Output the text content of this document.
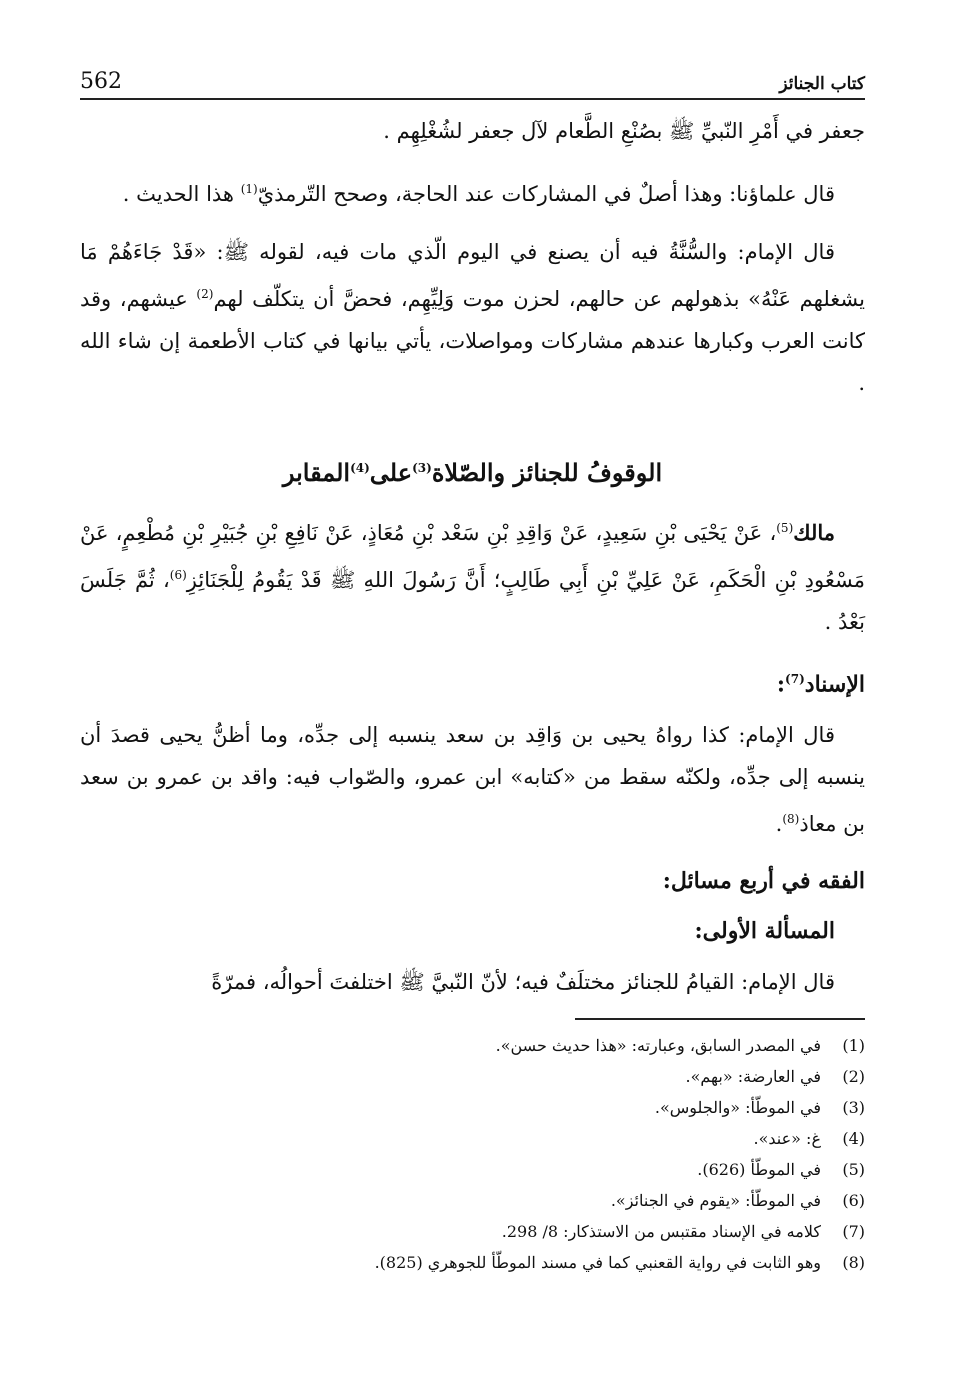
562	كتاب الجنائز

جعفر في أَمْرِ النّبيِّ ﷺ بصُنْعِ الطَّعام لآل جعفر لشُغْلِهِم .

قال علماؤنا: وهذا أصلٌ في المشاركات عند الحاجة، وصحح التّرمذيّ$^{(1)}$ هذا الحديث .

قال الإمام: والسُّنَّةُ فيه أن يصنع في اليوم الّذي مات فيه، لقوله ﷺ: «قَدْ جَاءَهُمْ مَا يشغلهم عَنْهُ» بذهولهم عن حالهم، لحزن موت وَلِيِّهِم، فحضَّ أن يتكلّف لهم$^{(2)}$ عيشهم، وقد كانت العرب وكبارها عندهم مشاركات ومواصلات، يأتي بيانها في كتاب الأطعمة إن شاء الله .

الوقوفُ للجنائز والصّلاة$^{(3)}$على$^{(4)}$المقابر

مالك$^{(5)}$، عَنْ يَحْيَى بْنِ سَعِيدٍ، عَنْ وَاقِدِ بْنِ سَعْد بْنِ مُعَاذٍ، عَنْ نَافِعِ بْنِ جُبَيْرِ بْنِ مُطْعِمٍ، عَنْ مَسْعُودِ بْنِ الْحَكَمِ، عَنْ عَلِيِّ بْنِ أَبِي طَالِبٍ؛ أَنَّ رَسُولَ اللهِ ﷺ قَدْ يَقُومُ لِلْجَنَائِزِ$^{(6)}$، ثُمَّ جَلَسَ بَعْدُ .

الإسناد$^{(7)}$:

قال الإمام: كذا رواهُ يحيى بن وَاقِد بن سعد ينسبه إلى جدِّه، وما أظنُّ يحيى قصدَ أن ينسبه إلى جدِّه، ولكنّه سقط من «كتابه» ابن عمرو، والصّواب فيه: واقد بن عمرو بن سعد بن معاذ$^{(8)}$.

الفقه في أربع مسائل:
المسألة الأولى:

قال الإمام: القيامُ للجنائز مختلَفٌ فيه؛ لأنّ النّبيَّ ﷺ اختلفتَ أحوالُه، فمرّةً

(1)
في المصدر السابق، وعبارته: «هذا حديث حسن».
(2)
في العارضة: «بهم».
(3)
في الموطّأ: «والجلوس».
(4)
غ: «عند».
(5)
في الموطّأ (626).
(6)
في الموطّأ: «يقوم في الجنائز».
(7)
كلامه في الإسناد مقتبس من الاستذكار: 8/ 298.
(8)
وهو الثابت في رواية القعنبي كما في مسند الموطّأ للجوهري (825).
